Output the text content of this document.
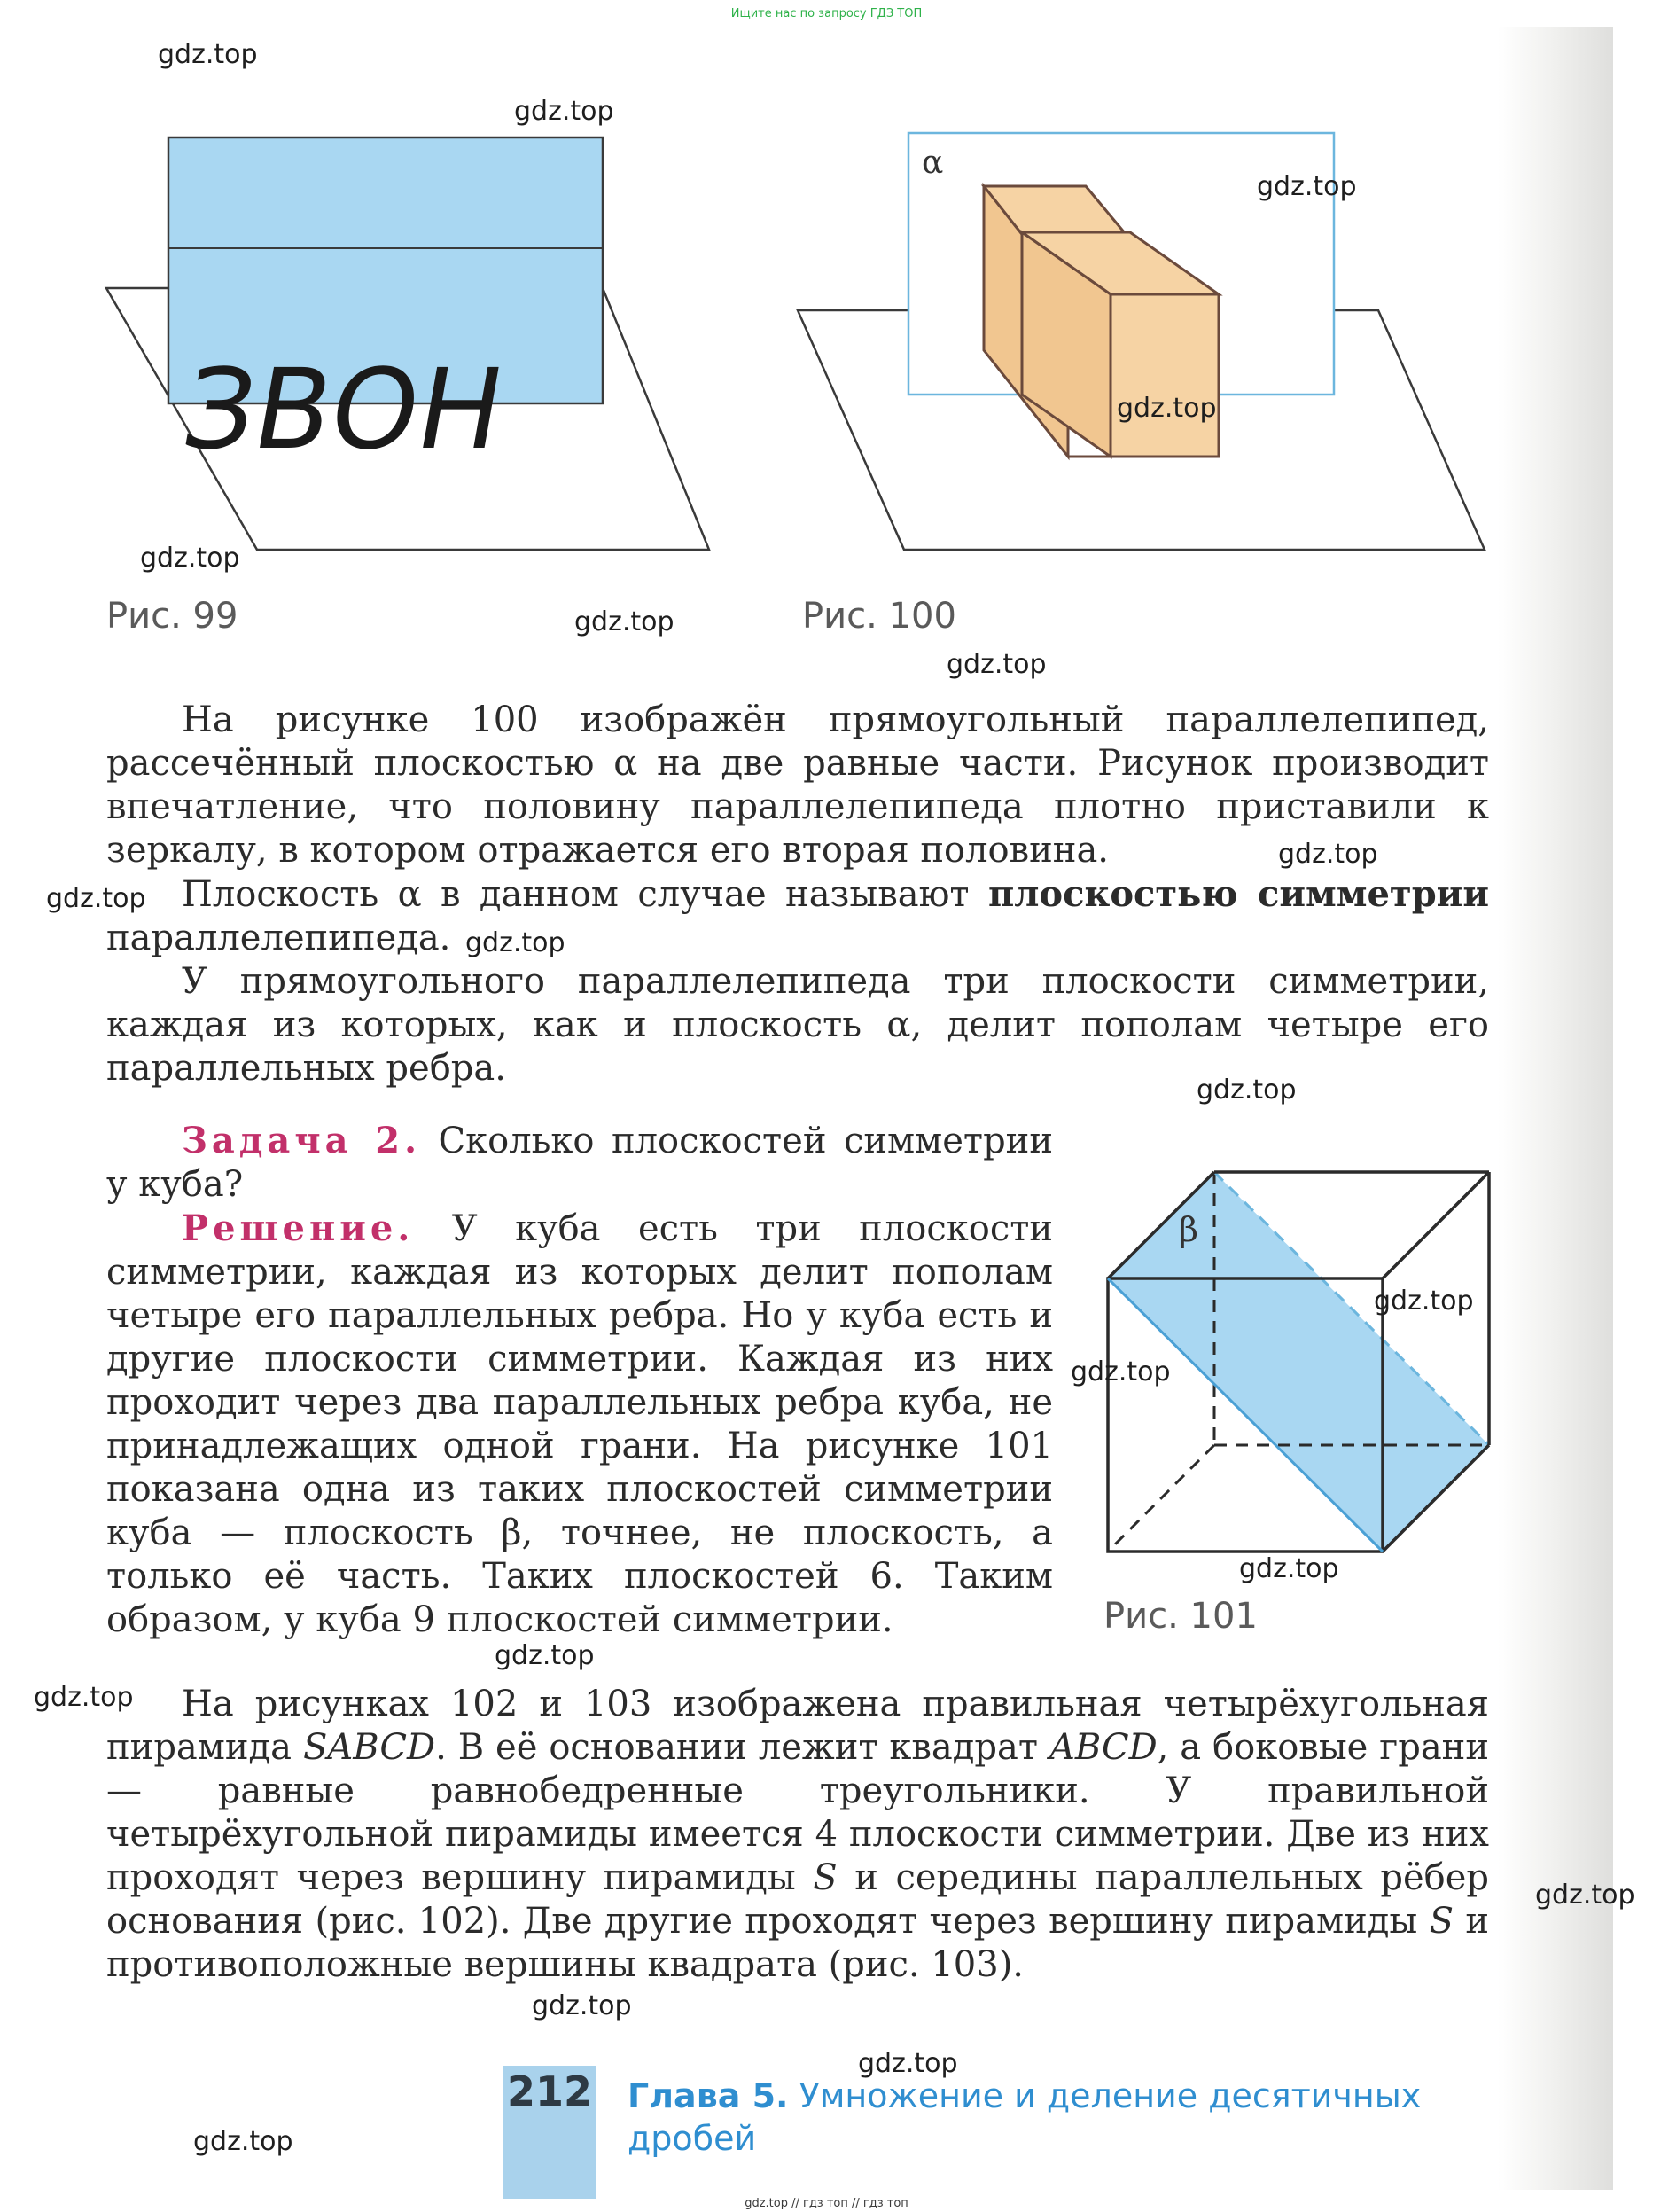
Ищите нас по запросу ГДЗ ТОП
ЗВОН
Рис. 99
α
Рис. 100

На рисунке 100 изображён прямоугольный параллелепипед, рассечённый плоскостью α на две равные части. Рисунок производит впечатление, что половину параллелепипеда плотно приставили к зеркалу, в котором отражается его вторая половина.

Плоскость α в данном случае называют плоскостью симметрии параллелепипеда.

У прямоугольного параллелепипеда три плоскости симметрии, каждая из которых, как и плоскость α, делит пополам четыре его параллельных ребра.

Задача 2. Сколько плоскостей симметрии у куба?

Решение. У куба есть три плоскости симметрии, каждая из которых делит пополам четыре его параллельных ребра. Но у куба есть и другие плоскости симметрии. Каждая из них проходит через два параллельных ребра куба, не принадлежащих одной грани. На рисунке 101 показана одна из таких плоскостей симметрии куба — плоскость β, точнее, не плоскость, а только её часть. Таких плоскостей 6. Таким образом, у куба 9 плоскостей симметрии.

β
Рис. 101

На рисунках 102 и 103 изображена правильная четырёхугольная пирамида SABCD. В её основании лежит квадрат ABCD, а боковые грани — равные равнобедренные треугольники. У правильной четырёхугольной пирамиды имеется 4 плоскости симметрии. Две из них проходят через вершину пирамиды S и середины параллельных рёбер основания (рис. 102). Две другие проходят через вершину пирамиды S и противоположные вершины квадрата (рис. 103).

212 Глава 5. Умножение и деление десятичных дробей
gdz.top
gdz.top
gdz.top
gdz.top
gdz.top
gdz.top
gdz.top
gdz.top
gdz.top
gdz.top
gdz.top
gdz.top
gdz.top
gdz.top
gdz.top
gdz.top
gdz.top
gdz.top
gdz.top
gdz.top
gdz.top // гдз топ // гдз топ
